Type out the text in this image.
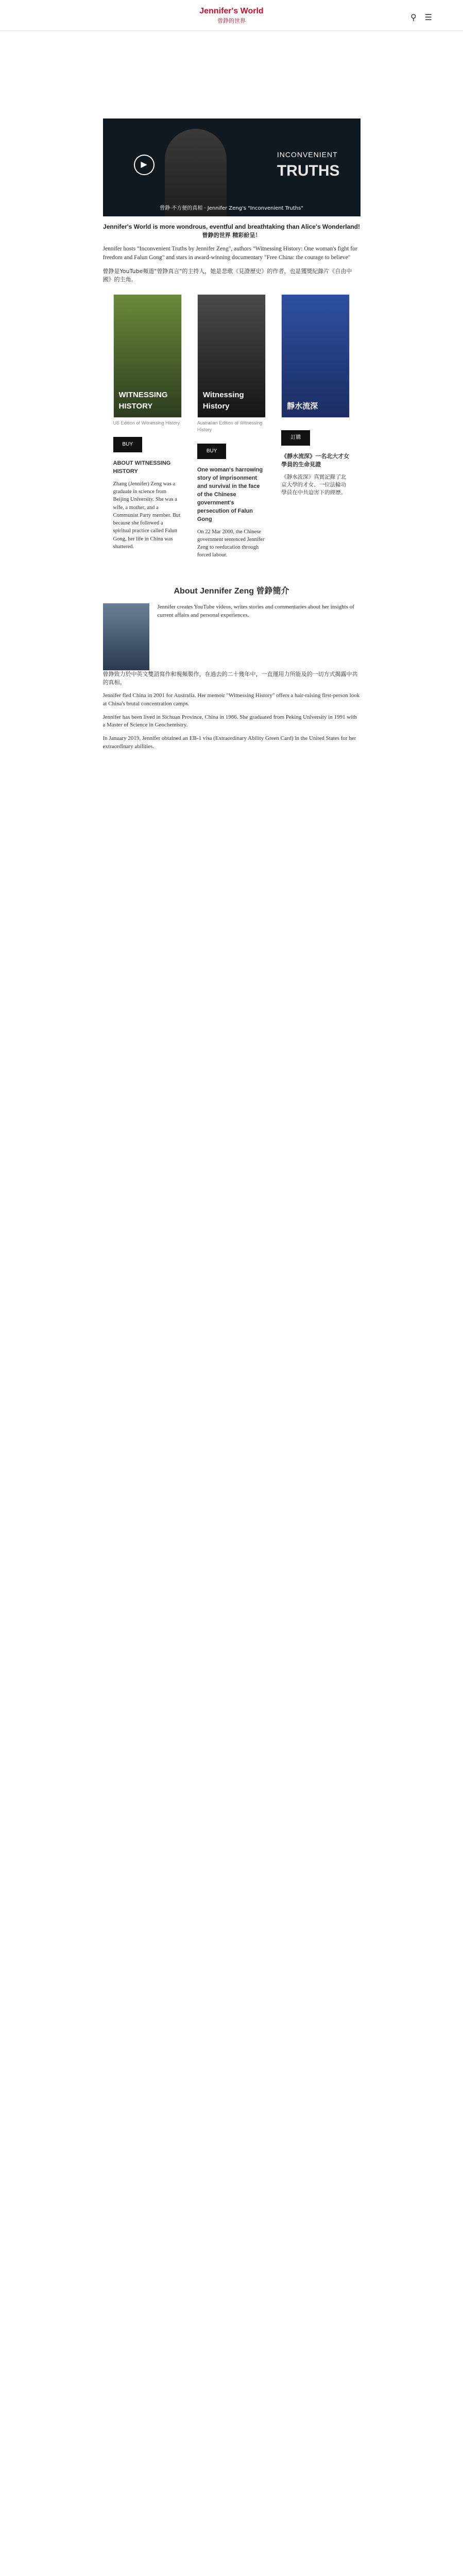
Jennifer's World
曾錚的世界	⚲ ☰
▶
INCONVENIENT
TRUTHS
曾錚·不方便的真相 · Jennifer Zeng's "Inconvenient Truths"
Jennifer's World is more wondrous, eventful and breathtaking than Alice's Wonderland!
曾錚的世界 精彩紛呈！

Jennifer hosts "Inconvenient Truths by Jennifer Zeng", authors "Witnessing History: One woman's fight for freedom and Falun Gong" and stars in award-winning documentary "Free China: the courage to believe"

曾錚是YouTube頻道"曾錚真言"的主持人，她是悲歌《見證歷史》的作者，也是獲獎紀錄片《自由中國》的主角。

WITNESSING HISTORY
US Edition of Witnessing History
BUY
ABOUT WITNESSING HISTORY

Zhang (Jennifer) Zeng was a graduate in science from Beijing University. She was a wife, a mother, and a Communist Party member. But because she followed a spiritual practice called Falun Gong, her life in China was shattered.

Witnessing History
Australian Edition of Witnessing History
BUY
One woman's harrowing story of imprisonment and survival in the face of the Chinese government's persecution of Falun Gong

On 22 Mar 2000, the Chinese government sentenced Jennifer Zeng to reeducation through forced labour.

靜水流深
訂購
《靜水流深》一名北大才女學員的生命見證

《靜水流深》真實記錄了北京大學的才女、一位法輪功學員在中共迫害下的經歷。

About Jennifer Zeng 曾錚簡介

Jennifer creates YouTube videos, writes stories and commentaries about her insights of current affairs and personal experiences.

曾錚致力於中英文雙語寫作和視頻製作，在過去的二十幾年中，一直運用力所能及的一切方式揭露中共的真相。

Jennifer fled China in 2001 for Australia. Her memoir "Witnessing History" offers a hair-raising first-person look at China's brutal concentration camps.

Jennifer has been lived in Sichuan Province, China in 1966. She graduated from Peking University in 1991 with a Master of Science in Geochemistry.

In January 2019, Jennifer obtained an EB-1 visa (Extraordinary Ability Green Card) in the United States for her extraordinary abilities.
